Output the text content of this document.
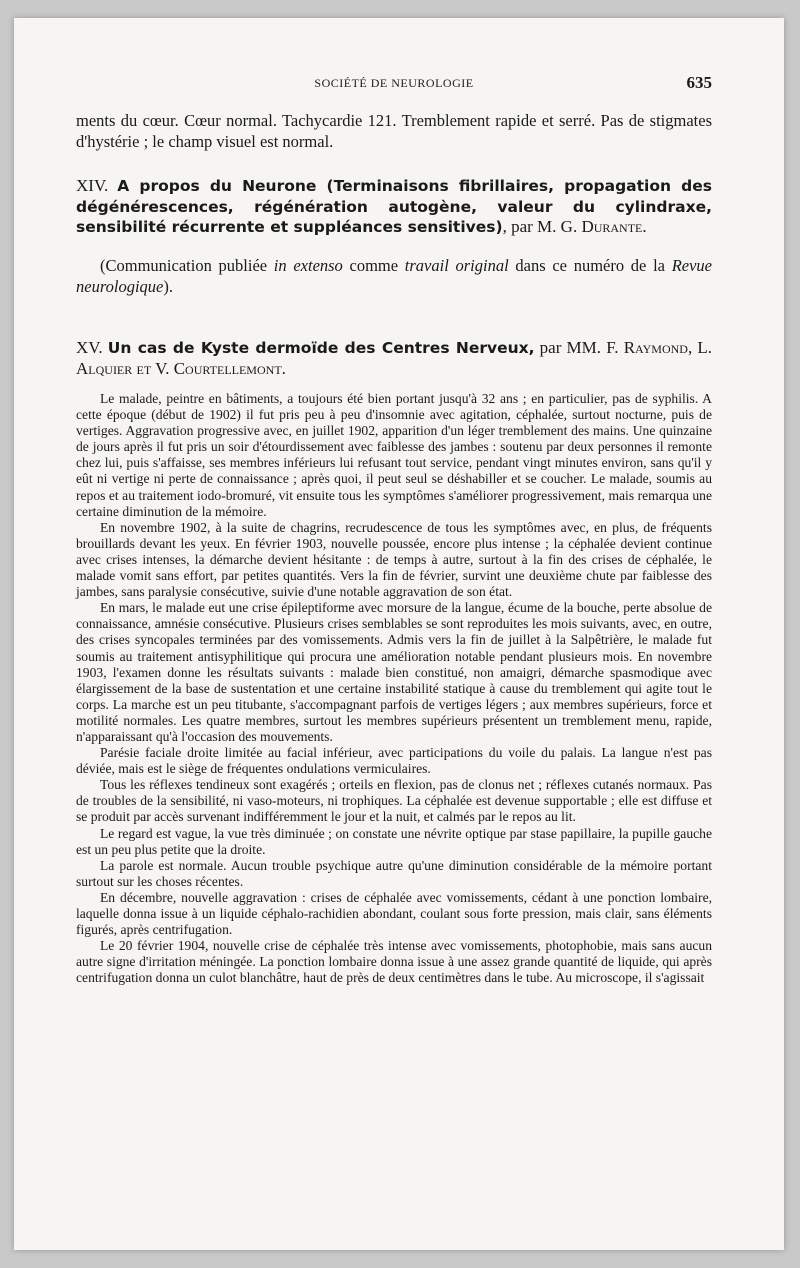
SOCIÉTÉ DE NEUROLOGIE	635

ments du cœur. Cœur normal. Tachycardie 121. Tremblement rapide et serré. Pas de stigmates d'hystérie ; le champ visuel est normal.

XIV. A propos du Neurone (Terminaisons fibrillaires, propagation des dégénérescences, régénération autogène, valeur du cylindraxe, sensibilité récurrente et suppléances sensitives), par M. G. Durante.

(Communication publiée in extenso comme travail original dans ce numéro de la Revue neurologique).

XV. Un cas de Kyste dermoïde des Centres Nerveux, par MM. F. Raymond, L. Alquier et V. Courtellemont.

Le malade, peintre en bâtiments, a toujours été bien portant jusqu'à 32 ans ; en particulier, pas de syphilis. A cette époque (début de 1902) il fut pris peu à peu d'insomnie avec agitation, céphalée, surtout nocturne, puis de vertiges. Aggravation progressive avec, en juillet 1902, apparition d'un léger tremblement des mains. Une quinzaine de jours après il fut pris un soir d'étourdissement avec faiblesse des jambes : soutenu par deux personnes il remonte chez lui, puis s'affaisse, ses membres inférieurs lui refusant tout service, pendant vingt minutes environ, sans qu'il y eût ni vertige ni perte de connaissance ; après quoi, il peut seul se déshabiller et se coucher. Le malade, soumis au repos et au traitement iodo-bromuré, vit ensuite tous les symptômes s'améliorer progressivement, mais remarqua une certaine diminution de la mémoire.

En novembre 1902, à la suite de chagrins, recrudescence de tous les symptômes avec, en plus, de fréquents brouillards devant les yeux. En février 1903, nouvelle poussée, encore plus intense ; la céphalée devient continue avec crises intenses, la démarche devient hésitante : de temps à autre, surtout à la fin des crises de céphalée, le malade vomit sans effort, par petites quantités. Vers la fin de février, survint une deuxième chute par faiblesse des jambes, sans paralysie consécutive, suivie d'une notable aggravation de son état.

En mars, le malade eut une crise épileptiforme avec morsure de la langue, écume de la bouche, perte absolue de connaissance, amnésie consécutive. Plusieurs crises semblables se sont reproduites les mois suivants, avec, en outre, des crises syncopales terminées par des vomissements. Admis vers la fin de juillet à la Salpêtrière, le malade fut soumis au traitement antisyphilitique qui procura une amélioration notable pendant plusieurs mois. En novembre 1903, l'examen donne les résultats suivants : malade bien constitué, non amaigri, démarche spasmodique avec élargissement de la base de sustentation et une certaine instabilité statique à cause du tremblement qui agite tout le corps. La marche est un peu titubante, s'accompagnant parfois de vertiges légers ; aux membres supérieurs, force et motilité normales. Les quatre membres, surtout les membres supérieurs présentent un tremblement menu, rapide, n'apparaissant qu'à l'occasion des mouvements.

Parésie faciale droite limitée au facial inférieur, avec participations du voile du palais. La langue n'est pas déviée, mais est le siège de fréquentes ondulations vermiculaires.

Tous les réflexes tendineux sont exagérés ; orteils en flexion, pas de clonus net ; réflexes cutanés normaux. Pas de troubles de la sensibilité, ni vaso-moteurs, ni trophiques. La céphalée est devenue supportable ; elle est diffuse et se produit par accès survenant indifféremment le jour et la nuit, et calmés par le repos au lit.

Le regard est vague, la vue très diminuée ; on constate une névrite optique par stase papillaire, la pupille gauche est un peu plus petite que la droite.

La parole est normale. Aucun trouble psychique autre qu'une diminution considérable de la mémoire portant surtout sur les choses récentes.

En décembre, nouvelle aggravation : crises de céphalée avec vomissements, cédant à une ponction lombaire, laquelle donna issue à un liquide céphalo-rachidien abondant, coulant sous forte pression, mais clair, sans éléments figurés, après centrifugation.

Le 20 février 1904, nouvelle crise de céphalée très intense avec vomissements, photophobie, mais sans aucun autre signe d'irritation méningée. La ponction lombaire donna issue à une assez grande quantité de liquide, qui après centrifugation donna un culot blanchâtre, haut de près de deux centimètres dans le tube. Au microscope, il s'agissait
